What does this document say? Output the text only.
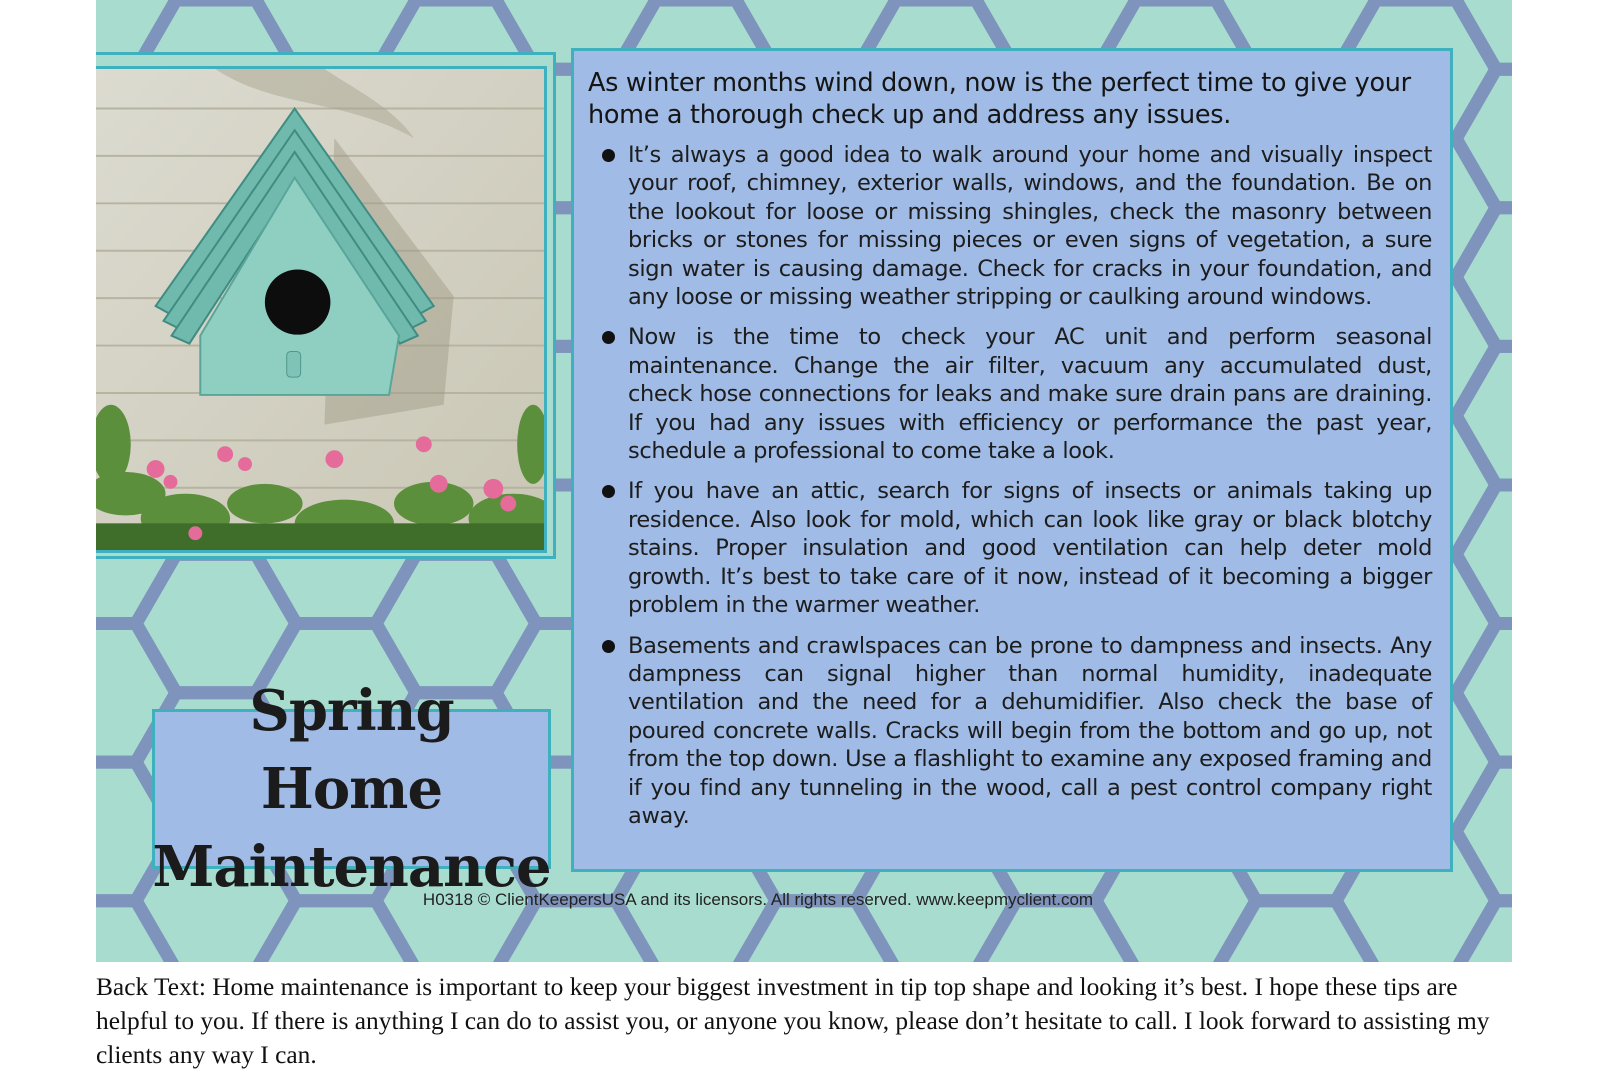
As winter months wind down, now is the perfect time to give your home a thorough check up and address any issues.

It’s always a good idea to walk around your home and visually inspect your roof, chimney, exterior walls, windows, and the foundation. Be on the lookout for loose or missing shingles, check the masonry between bricks or stones for missing pieces or even signs of vegetation, a sure sign water is causing damage. Check for cracks in your foundation, and any loose or missing weather stripping or caulking around windows.
Now is the time to check your AC unit and perform seasonal maintenance. Change the air filter, vacuum any accumulated dust, check hose connections for leaks and make sure drain pans are draining. If you had any issues with efficiency or performance the past year, schedule a professional to come take a look.
If you have an attic, search for signs of insects or animals taking up residence. Also look for mold, which can look like gray or black blotchy stains. Proper insulation and good ventilation can help deter mold growth. It’s best to take care of it now, instead of it becoming a bigger problem in the warmer weather.
Basements and crawlspaces can be prone to dampness and insects. Any dampness can signal higher than normal humidity, inadequate ventilation and the need for a dehumidifier. Also check the base of poured concrete walls. Cracks will begin from the bottom and go up, not from the top down. Use a flashlight to examine any exposed framing and if you find any tunneling in the wood, call a pest control company right away.
Spring Home
Maintenance

H0318 © ClientKeepersUSA and its licensors. All rights reserved. www.keepmyclient.com

Back Text: Home maintenance is important to keep your biggest investment in tip top shape and looking it’s best. I hope these tips are helpful to you. If there is anything I can do to assist you, or anyone you know, please don’t hesitate to call. I look forward to assisting my clients any way I can.
